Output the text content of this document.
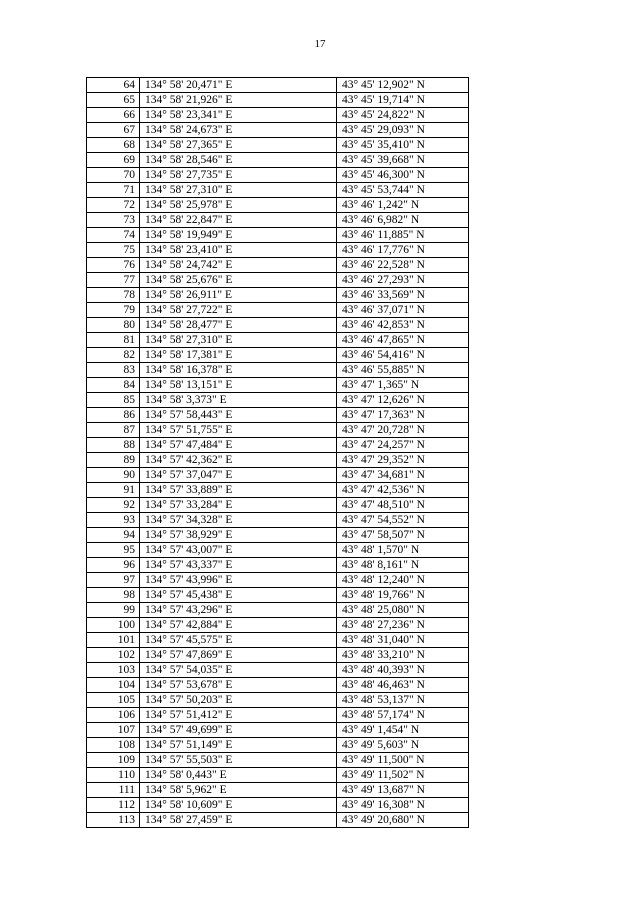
17
64	134° 58' 20,471" E	43° 45' 12,902" N
65	134° 58' 21,926" E	43° 45' 19,714" N
66	134° 58' 23,341" E	43° 45' 24,822" N
67	134° 58' 24,673" E	43° 45' 29,093" N
68	134° 58' 27,365" E	43° 45' 35,410" N
69	134° 58' 28,546" E	43° 45' 39,668" N
70	134° 58' 27,735" E	43° 45' 46,300" N
71	134° 58' 27,310" E	43° 45' 53,744" N
72	134° 58' 25,978" E	43° 46' 1,242" N
73	134° 58' 22,847" E	43° 46' 6,982" N
74	134° 58' 19,949" E	43° 46' 11,885" N
75	134° 58' 23,410" E	43° 46' 17,776" N
76	134° 58' 24,742" E	43° 46' 22,528" N
77	134° 58' 25,676" E	43° 46' 27,293" N
78	134° 58' 26,911" E	43° 46' 33,569" N
79	134° 58' 27,722" E	43° 46' 37,071" N
80	134° 58' 28,477" E	43° 46' 42,853" N
81	134° 58' 27,310" E	43° 46' 47,865" N
82	134° 58' 17,381" E	43° 46' 54,416" N
83	134° 58' 16,378" E	43° 46' 55,885" N
84	134° 58' 13,151" E	43° 47' 1,365" N
85	134° 58' 3,373" E	43° 47' 12,626" N
86	134° 57' 58,443" E	43° 47' 17,363" N
87	134° 57' 51,755" E	43° 47' 20,728" N
88	134° 57' 47,484" E	43° 47' 24,257" N
89	134° 57' 42,362" E	43° 47' 29,352" N
90	134° 57' 37,047" E	43° 47' 34,681" N
91	134° 57' 33,889" E	43° 47' 42,536" N
92	134° 57' 33,284" E	43° 47' 48,510" N
93	134° 57' 34,328" E	43° 47' 54,552" N
94	134° 57' 38,929" E	43° 47' 58,507" N
95	134° 57' 43,007" E	43° 48' 1,570" N
96	134° 57' 43,337" E	43° 48' 8,161" N
97	134° 57' 43,996" E	43° 48' 12,240" N
98	134° 57' 45,438" E	43° 48' 19,766" N
99	134° 57' 43,296" E	43° 48' 25,080" N
100	134° 57' 42,884" E	43° 48' 27,236" N
101	134° 57' 45,575" E	43° 48' 31,040" N
102	134° 57' 47,869" E	43° 48' 33,210" N
103	134° 57' 54,035" E	43° 48' 40,393" N
104	134° 57' 53,678" E	43° 48' 46,463" N
105	134° 57' 50,203" E	43° 48' 53,137" N
106	134° 57' 51,412" E	43° 48' 57,174" N
107	134° 57' 49,699" E	43° 49' 1,454" N
108	134° 57' 51,149" E	43° 49' 5,603" N
109	134° 57' 55,503" E	43° 49' 11,500" N
110	134° 58' 0,443" E	43° 49' 11,502" N
111	134° 58' 5,962" E	43° 49' 13,687" N
112	134° 58' 10,609" E	43° 49' 16,308" N
113	134° 58' 27,459" E	43° 49' 20,680" N
